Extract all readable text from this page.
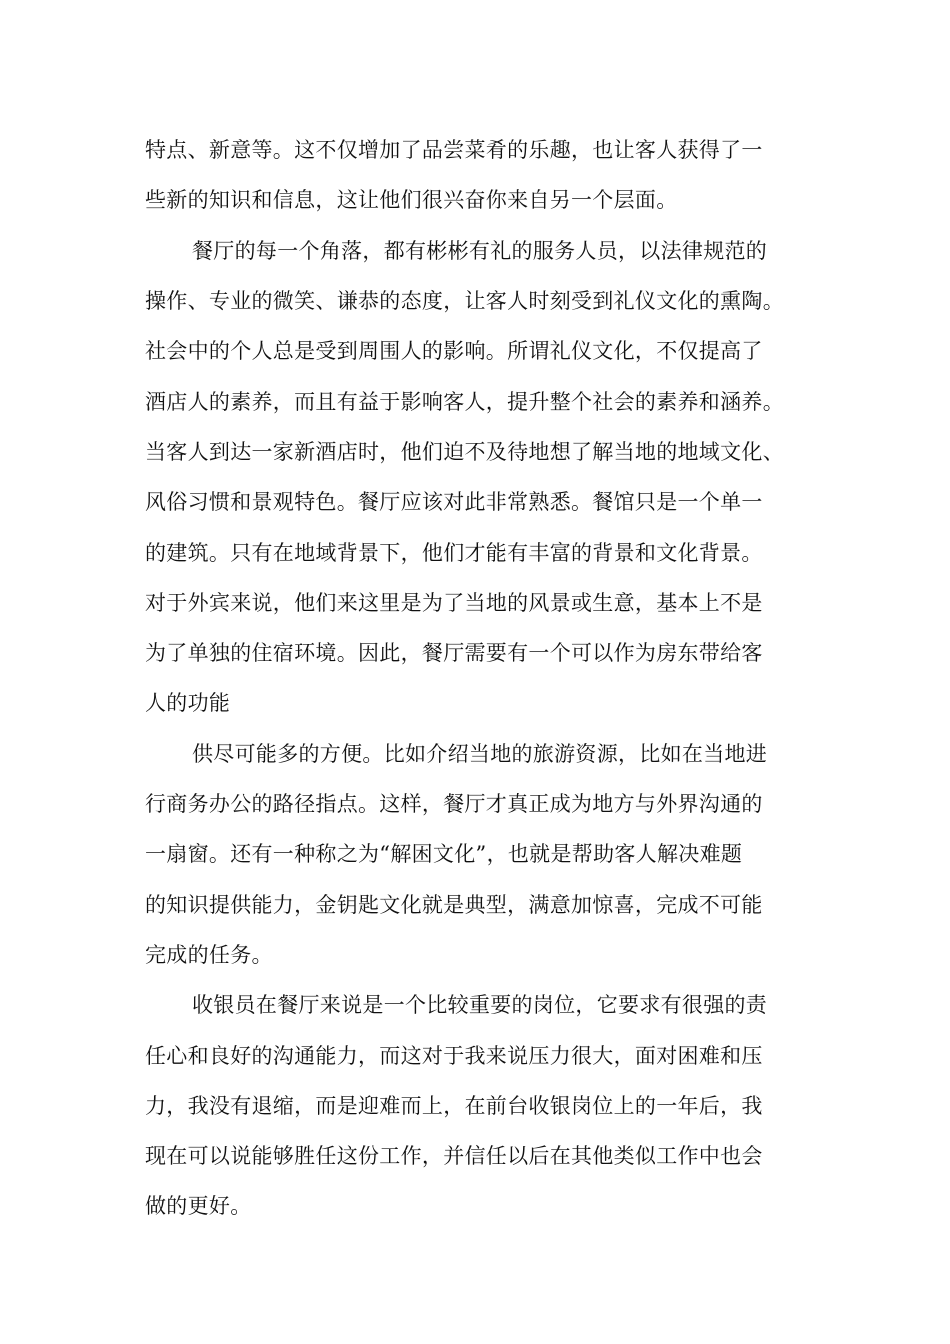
特点、新意等。这不仅增加了品尝菜肴的乐趣，也让客人获得了一
些新的知识和信息，这让他们很兴奋你来自另一个层面。
餐厅的每一个角落，都有彬彬有礼的服务人员，以法律规范的
操作、专业的微笑、谦恭的态度，让客人时刻受到礼仪文化的熏陶。
社会中的个人总是受到周围人的影响。所谓礼仪文化，不仅提高了
酒店人的素养，而且有益于影响客人，提升整个社会的素养和涵养。
当客人到达一家新酒店时，他们迫不及待地想了解当地的地域文化、
风俗习惯和景观特色。餐厅应该对此非常熟悉。餐馆只是一个单一
的建筑。只有在地域背景下，他们才能有丰富的背景和文化背景。
对于外宾来说，他们来这里是为了当地的风景或生意，基本上不是
为了单独的住宿环境。因此，餐厅需要有一个可以作为房东带给客
人的功能
供尽可能多的方便。比如介绍当地的旅游资源，比如在当地进
行商务办公的路径指点。这样，餐厅才真正成为地方与外界沟通的
一扇窗。还有一种称之为“解困文化”，也就是帮助客人解决难题
的知识提供能力，金钥匙文化就是典型，满意加惊喜，完成不可能
完成的任务。
收银员在餐厅来说是一个比较重要的岗位，它要求有很强的责
任心和良好的沟通能力，而这对于我来说压力很大，面对困难和压
力，我没有退缩，而是迎难而上，在前台收银岗位上的一年后，我
现在可以说能够胜任这份工作，并信任以后在其他类似工作中也会
做的更好。
